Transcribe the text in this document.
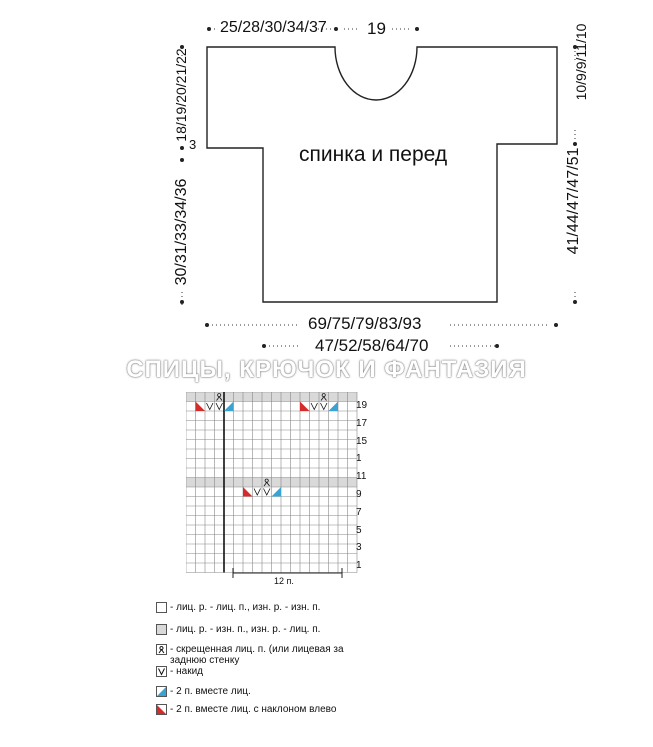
спинка и перед
25/28/30/34/37 19	10/9/9/11/10
18/19/20/21/22
3
30/31/33/34/36	41/44/47/47/51
69/75/79/83/93
47/52/58/64/70
СПИЦЫ, КРЮЧОК И ФАНТАЗИЯ
19
17
15
1
11
9
7
5
3
1
12 п.
- лиц. р. - лиц. п., изн. р. - изн. п.
- лиц. р. - изн. п., изн. р. - лиц. п.
- скрещенная лиц. п. (или лицевая за заднюю стенку
- накид
- 2 п. вместе лиц.
- 2 п. вместе лиц. с наклоном влево
